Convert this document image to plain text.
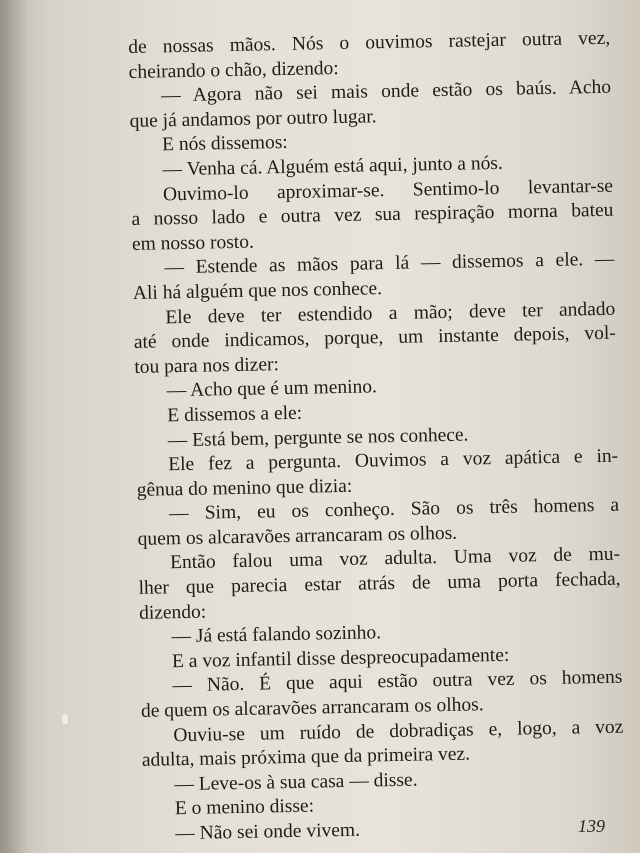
de nossas mãos. Nós o ouvimos rastejar outra vez,
cheirando o chão, dizendo:
— Agora não sei mais onde estão os baús. Acho
que já andamos por outro lugar.
E nós dissemos:
— Venha cá. Alguém está aqui, junto a nós.
Ouvimo-lo aproximar-se. Sentimo-lo levantar-se
a nosso lado e outra vez sua respiração morna bateu
em nosso rosto.
— Estende as mãos para lá — dissemos a ele. —
Ali há alguém que nos conhece.
Ele deve ter estendido a mão; deve ter andado
até onde indicamos, porque, um instante depois, vol-
tou para nos dizer:
— Acho que é um menino.
E dissemos a ele:
— Está bem, pergunte se nos conhece.
Ele fez a pergunta. Ouvimos a voz apática e in-
gênua do menino que dizia:
— Sim, eu os conheço. São os três homens a
quem os alcaravões arrancaram os olhos.
Então falou uma voz adulta. Uma voz de mu-
lher que parecia estar atrás de uma porta fechada,
dizendo:
— Já está falando sozinho.
E a voz infantil disse despreocupadamente:
— Não. É que aqui estão outra vez os homens
de quem os alcaravões arrancaram os olhos.
Ouviu-se um ruído de dobradiças e, logo, a voz
adulta, mais próxima que da primeira vez.
— Leve-os à sua casa — disse.
E o menino disse:
— Não sei onde vivem.	139
